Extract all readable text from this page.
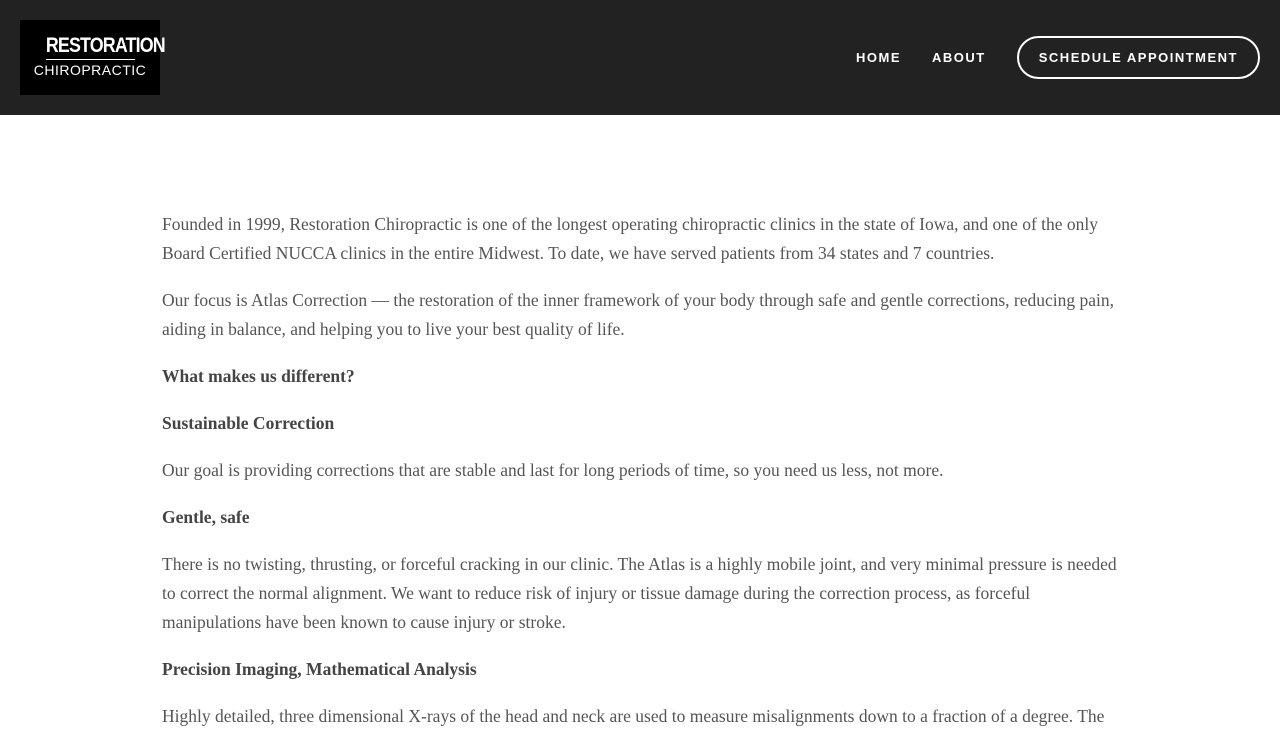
RESTORATION
CHIROPRACTIC
HOME ABOUT	SCHEDULE APPOINTMENT

Founded in 1999, Restoration Chiropractic is one of the longest operating chiropractic clinics in the state of Iowa, and one of the only Board Certified NUCCA clinics in the entire Midwest. To date, we have served patients from 34 states and 7 countries.

Our focus is Atlas Correction — the restoration of the inner framework of your body through safe and gentle corrections, reducing pain, aiding in balance, and helping you to live your best quality of life.

What makes us different?

Sustainable Correction

Our goal is providing corrections that are stable and last for long periods of time, so you need us less, not more.

Gentle, safe

There is no twisting, thrusting, or forceful cracking in our clinic. The Atlas is a highly mobile joint, and very minimal pressure is needed to correct the normal alignment. We want to reduce risk of injury or tissue damage during the correction process, as forceful manipulations have been known to cause injury or stroke.

Precision Imaging, Mathematical Analysis

Highly detailed, three dimensional X-rays of the head and neck are used to measure misalignments down to a fraction of a degree. The
